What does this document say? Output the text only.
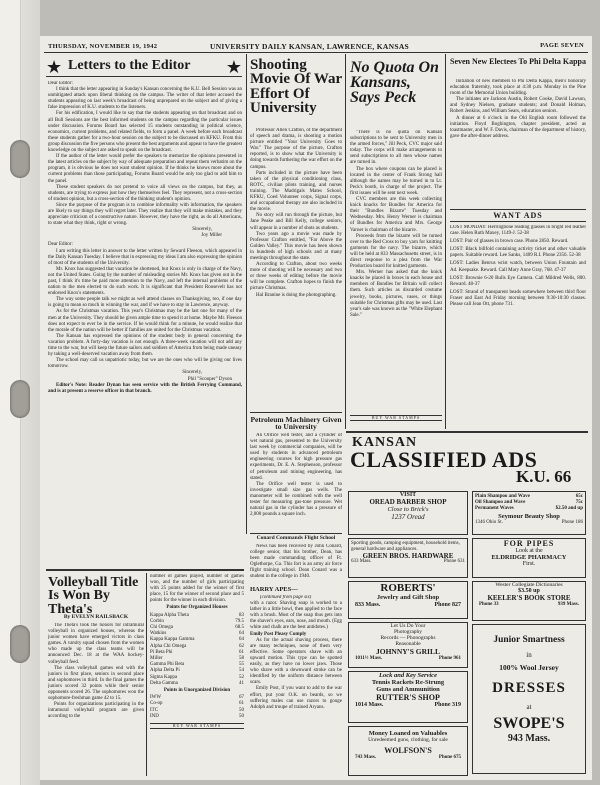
THURSDAY, NOVEMBER 19, 1942	UNIVERSITY DAILY KANSAN, LAWRENCE, KANSAS	PAGE SEVEN
★ Letters to the Editor ★
Dear Editor:
I think that the letter appearing in Sunday's Kansan concerning the K.U. Bell Session was an unmitigated attack upon liberal thinking on the campus. The writer of that letter accused the students appearing on last week's broadcast of being unprepared on the subject and of giving a false impression of K.U. students to the listeners.
For his edification, I would like to say that the students appearing on that broadcast and on all Bull Sessions are the best informed students on the campus regarding the particular issues under discussion. Forums Board has selected 15 students outstanding in political science, economics, current problems, and related fields, to form a panel. A week before each broadcast these students gather for a two-hour session on the subject to be discussed on KFKU. From this group discussion the five persons who present the best arguments and appear to have the greatest knowledge on the subject are asked to speak on the broadcast.
If the author of the letter would prefer the speakers to memorize the opinions presented in the latest articles on the subject by way of adequate preparation and repeat them verbatim on the program, it is obvious he does not want student opinion. If he thinks he knows more about the current problems than those participating, Forums Board would be only too glad to add him to the panel.
These student speakers do not pretend to voice all views on the campus, but they, as students, are trying to express just how they themselves feel. They represent, not a cross-section of student opinion, but a cross-section of the thinking student's opinion.
Since the purpose of the program is to combine informality with information, the speakers are likely to say things they will regret later. They realize that they will make mistakes, and they appreciate criticism of a constructive nature. However, they have the right, as do all Americans, to state what they think, right or wrong.
Sincerely,
Joy Miller
Dear Editor:
I am writing this letter in answer to the letter written by Seward Fleeson, which appeared in the Daily Kansan Tuesday. I believe that in expressing my ideas I am also expressing the opinion of most of the students of the University.
Mr. Knox has suggested that vacation be shortened, but Knox is only in charge of the Navy, not the United States. Going by the number of misleading stories Mr. Knox has given out in the past, I think it's time he paid more attention to the Navy, and left the internal problems of the nation to the men elected to do such work. It is significant that President Roosevelt has not endorsed Knox's statements.
The way some people talk we might as well attend classes on Thanksgiving, too, if one day is going to mean so much in winning the war, and if we have to stay in Lawrence, anyway.
As for the Christmas vacation. This year's Christmas may be the last one for many of the men at the University. They should be given ample time to spend it at home. Maybe Mr. Fleeson does not expect to ever be in the service. If he would think for a minute, he would realize that the morale of the nation will be better if families are united for the Christmas vacation.
The Kansan has expressed the opinions of the student body in general concerning the vacation problem. A forty-day vacation is not enough. A three-week vacation will not add any time to the war, but will keep the future sailors and soldiers of America from being made uneasy by taking a well-deserved vacation away from them.
The school may call us unpatriotic today, but we are the ones who will be giving our lives tomorrow.
Sincerely,
Phil "Scooper" Dyson
Editor's Note: Reader Dynan has seen service with the British Ferrying Command, and is at present a reserve officer in that branch.
Shooting Movie Of War Effort Of University
Professor Allen Crafton, of the department of speech and drama, is shooting a motion picture entitled "Your University Goes to War." The purpose of the picture, Crafton reported, is to show what the University is doing towards furthering the war effort on the campus.
Parts included in the picture have been taken of the physical conditioning class, ROTC, civilian pilots training, and nurses training. The Madrigals Mates School, KFKU, Coed Volunteer corps, Signal corps, and occupational therapy are also included in the movie.
No story will run through the picture, but Jane Peake and Bill Kelly, college seniors, will appear in a number of shots as students.
Two years ago a movie was made by Professor Crafton entitled, "Far Above the Golden Valley." This movie has been shown in hundreds of high schools and at many meetings throughout the state.
According to Crafton, about two weeks more of shooting will be necessary and two or three weeks of editing before the movie will be complete. Crafton hopes to finish the picture Christmas.
Hal Branine is doing the photographing.
Petroleum Machinery Given to University
An Orifice well tester, and a cylinder of wet natural gas, presented to the University last week by commercial companies, will be used by students in advanced petroleum engineering courses for high pressure gas experiments, Dr. E. A. Stephenson, professor of petroleum and mining engineering, has stated.
The Orifice well tester is used to investigate small size gas wells. The manometer will be combined with the well tester for measuring gas-tone pressure. Wet natural gas in the cylinder has a pressure of 2,000 pounds a square inch.
Conard Commands Flight School
News has been received by John Conard, college senior, that his brother, Dean, has been made commanding officer of Ft. Oglethorpe, Ga. This fort is an army air force flight training school. Dean Conard was a student in the college in 1940.
HARRY APES—
(continued from page six)
with a razor. Shaving soap is worked to a lather in a little bowl, then applied to the face with a brush. Most of the soap thus gets into the shaver's eyes, ears, nose, and mouth. (Egg white and chalk are the best antidotes.)
Emily Post Pleasy Comply
As for the actual shaving process, there are many techniques, none of them very effective. Some operators shave with an upward motion. This type can be spotted easily, as they have no lower jaws. Those who shave with a downward stroke can be identified by the uniform distance between scars.
Emily Post, if you want to add to the war effort, put your O.K. on beards, so we suffering males can use razors to gouge Adolph and troupe of trained Aryans.
No Quota On Kansans, Says Peck
"There is no quota on Kansan subscriptions to be sent to University men in the armed forces," Jill Peck, CVC major said today. The corps will make arrangements to send subscriptions to all men whose names are turned in.
The box where coupons can be placed is located in the center of Frank Strong hall although the names may be turned in to Lt. Peck's booth, in charge of the project. The first issues will be sent next week.
CVC members are this week collecting knick knacks for Bundles for America for their "Bundles Bizarre" Tuesday and Wednesday. Mrs. Henry Werner is chairman of Bundles for America and Mrs. George Varner is chairman of the bizarre.
Proceeds from the bizarre will be turned over to the Red Cross to buy yarn for knitting garments for the navy. The bizarre, which will be held at 833 Massachusetts street, is in direct response to a plea from the War Production board for knitted garments.
Mrs. Werner has asked that the knick knacks be placed in boxes in each house and members of Bundles for Britain will collect them. Such articles as discarded costume jewelry, books, pictures, vases, or things suitable for Christmas gifts may be used. Last year's sale was known as the "White Elephant Sale."
BUY WAR STAMPS
Seven New Electees To Phi Delta Kappa
Initiation of new members to Phi Delta Kappa, men's honorary education fraternity, took place at 4:30 p.m. Monday in the Pine room of the Memorial Union building.
The initiates are Jackson Austin, Robert Cooke, David Lawson, and Sydney Nielsen, graduate students; and Donald Holman, Robert Jenkins, and William Sears, education seniors.
A dinner at 6 o'clock in the Old English room followed the initiation. Floyd Boghington, chapter president, acted as toastmaster, and W. F. Davis, chairman of the department of history, gave the after-dinner address.
WANT ADS
LOST MONDAY: Herringbone reading glasses in bright red leather case. Helen Ruth Maxey, 1149-J. 52-38
LOST: Pair of glasses in brown case. Phone 2850. Reward.
LOST: Black billfold containing activity ticket and other valuable papers. Suitable reward. Lee Sanks, 1409 R.I. Phone 2356. 52-38
LOST: Ladies Benrus wrist watch, between Union Fountain and Ad. Keepsake. Reward. Call Mary Anne Gray, 768. 47-37
LOST: Brownie 6-20 Bulls Eye Camera. Call Mildred Wells, 800. Reward. 48-37
LOST: Strand of transparent beads somewhere between third floor Fraser and East Ad Friday morning between 9:30-10:30 classes. Please call Jean Ott, phone 731.
KANSAN
CLASSIFIED ADS
K.U. 66
VISIT
OREAD BARBER SHOP
Close to Brick's
1237 Oread
Plain Shampoo and Wave	65c
Oil Shampoo and Wave	75c
Permanent Waves	$2.50 and up
Seymour Beauty Shop
1346 Ohio St.	Phone 186
Sporting goods, camping equipment, household items, general hardware and appliances.
GREEN BROS. HARDWARE
633 Mass.	Phone 631
FOR PIPES
Look at the
ELDRIDGE PHARMACY
First.
ROBERTS'
Jewelry and Gift Shop
833 Mass.	Phone 827
Wester Collegiate Dictionaries
$3.50 up
KEELER'S BOOK STORE
Phone 33	939 Mass.
Let Us Do Your
Photography
Records — Phonographs
Reasonable
JOHNNY'S GRILL
1011½ Mass.	Phone 961
Junior Smartness
in
100% Wool Jersey
DRESSES
at
SWOPE'S
943 Mass.
Lock and Key Service
Tennis Rackets Re-Strung
Guns and Ammunition
RUTTER'S SHOP
1014 Mass.	Phone 319
Money Loaned on Valuables
Unredeemed guns, clothing, for sale
WOLFSON'S
743 Mass.	Phone 675
Volleyball Title Is Won By Theta's
By EVELYN RAILSBACK
The Theta's took the honors for intramural volleyball in organized houses, whereas the junior women have emerged victors in class games. A varsity squad chosen from the women who made up the class teams will be announced Dec. 18 at the WAA hockey-volleyball feed.
The class volleyball games end with the juniors in first place, seniors in second place and sophomores in third. In the final games the juniors scored 32 points while their senior opponents scored 26. The sophomores won the sophomore-freshman game 42 to 15.
Points for organizations participating in the intramural volleyball program are given according to the
number of games played, number of games won, and the number of girls participating with 25 points added for the winner of first place, 15 for the winner of second place and 5 points for the winner in each division.
Points for Organized Houses
Kappa Alpha Theta	83
Corbin	79.5
Chi Omega	68.5
Watkins	64
Kappa Kappa Gamma	64
Alpha Chi Omega	62
Pi Beta Phi	61
Miller	58
Gamma Phi Beta	55
Alpha Delta Pi	54
Sigma Kappa	52
Delta Gamma	41
Points in Unorganized Division
IWW	67
Co-op	61
ITC	50
IND	50
BUY WAR STAMPS
